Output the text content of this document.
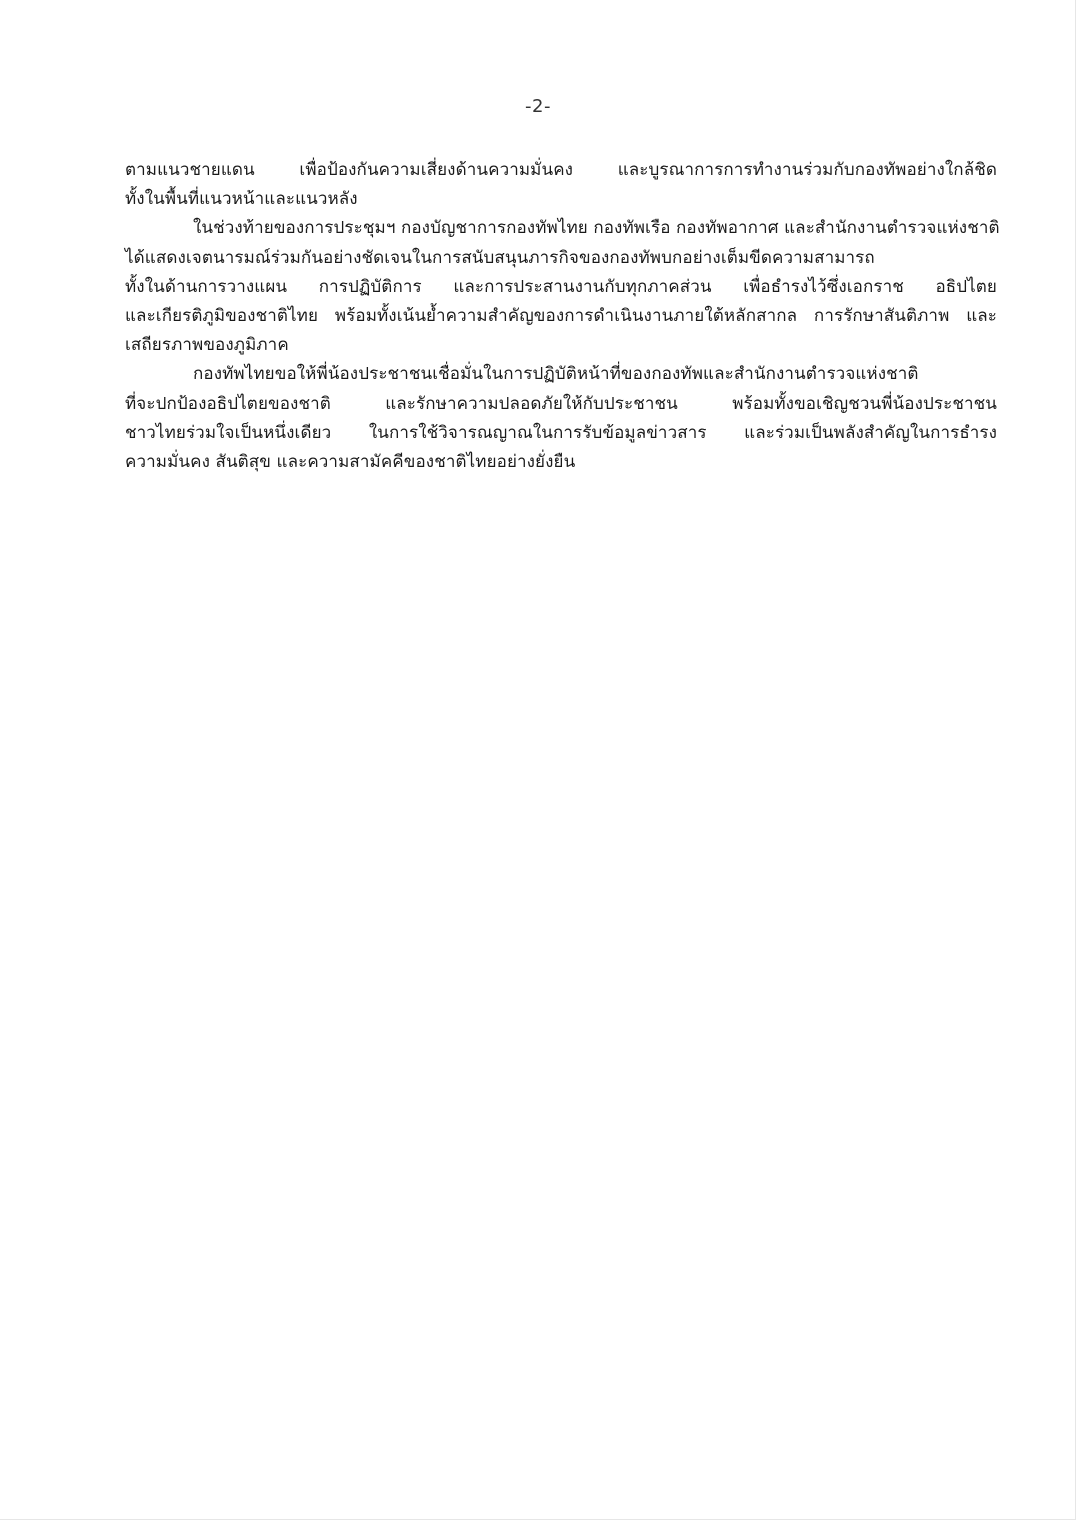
-2-
ตามแนวชายแดน เพื่อป้องกันความเสี่ยงด้านความมั่นคง และบูรณาการการทำงานร่วมกับกองทัพอย่างใกล้ชิด
ทั้งในพื้นที่แนวหน้าและแนวหลัง
ในช่วงท้ายของการประชุมฯ กองบัญชาการกองทัพไทย กองทัพเรือ กองทัพอากาศ และสำนักงานตำรวจแห่งชาติ
ได้แสดงเจตนารมณ์ร่วมกันอย่างชัดเจนในการสนับสนุนภารกิจของกองทัพบกอย่างเต็มขีดความสามารถ
ทั้งในด้านการวางแผน การปฏิบัติการ และการประสานงานกับทุกภาคส่วน เพื่อธำรงไว้ซึ่งเอกราช อธิปไตย
และเกียรติภูมิของชาติไทย พร้อมทั้งเน้นย้ำความสำคัญของการดำเนินงานภายใต้หลักสากล การรักษาสันติภาพ และ
เสถียรภาพของภูมิภาค
กองทัพไทยขอให้พี่น้องประชาชนเชื่อมั่นในการปฏิบัติหน้าที่ของกองทัพและสำนักงานตำรวจแห่งชาติ
ที่จะปกป้องอธิปไตยของชาติ และรักษาความปลอดภัยให้กับประชาชน พร้อมทั้งขอเชิญชวนพี่น้องประชาชน
ชาวไทยร่วมใจเป็นหนึ่งเดียว ในการใช้วิจารณญาณในการรับข้อมูลข่าวสาร และร่วมเป็นพลังสำคัญในการธำรง
ความมั่นคง สันติสุข และความสามัคคีของชาติไทยอย่างยั่งยืน
